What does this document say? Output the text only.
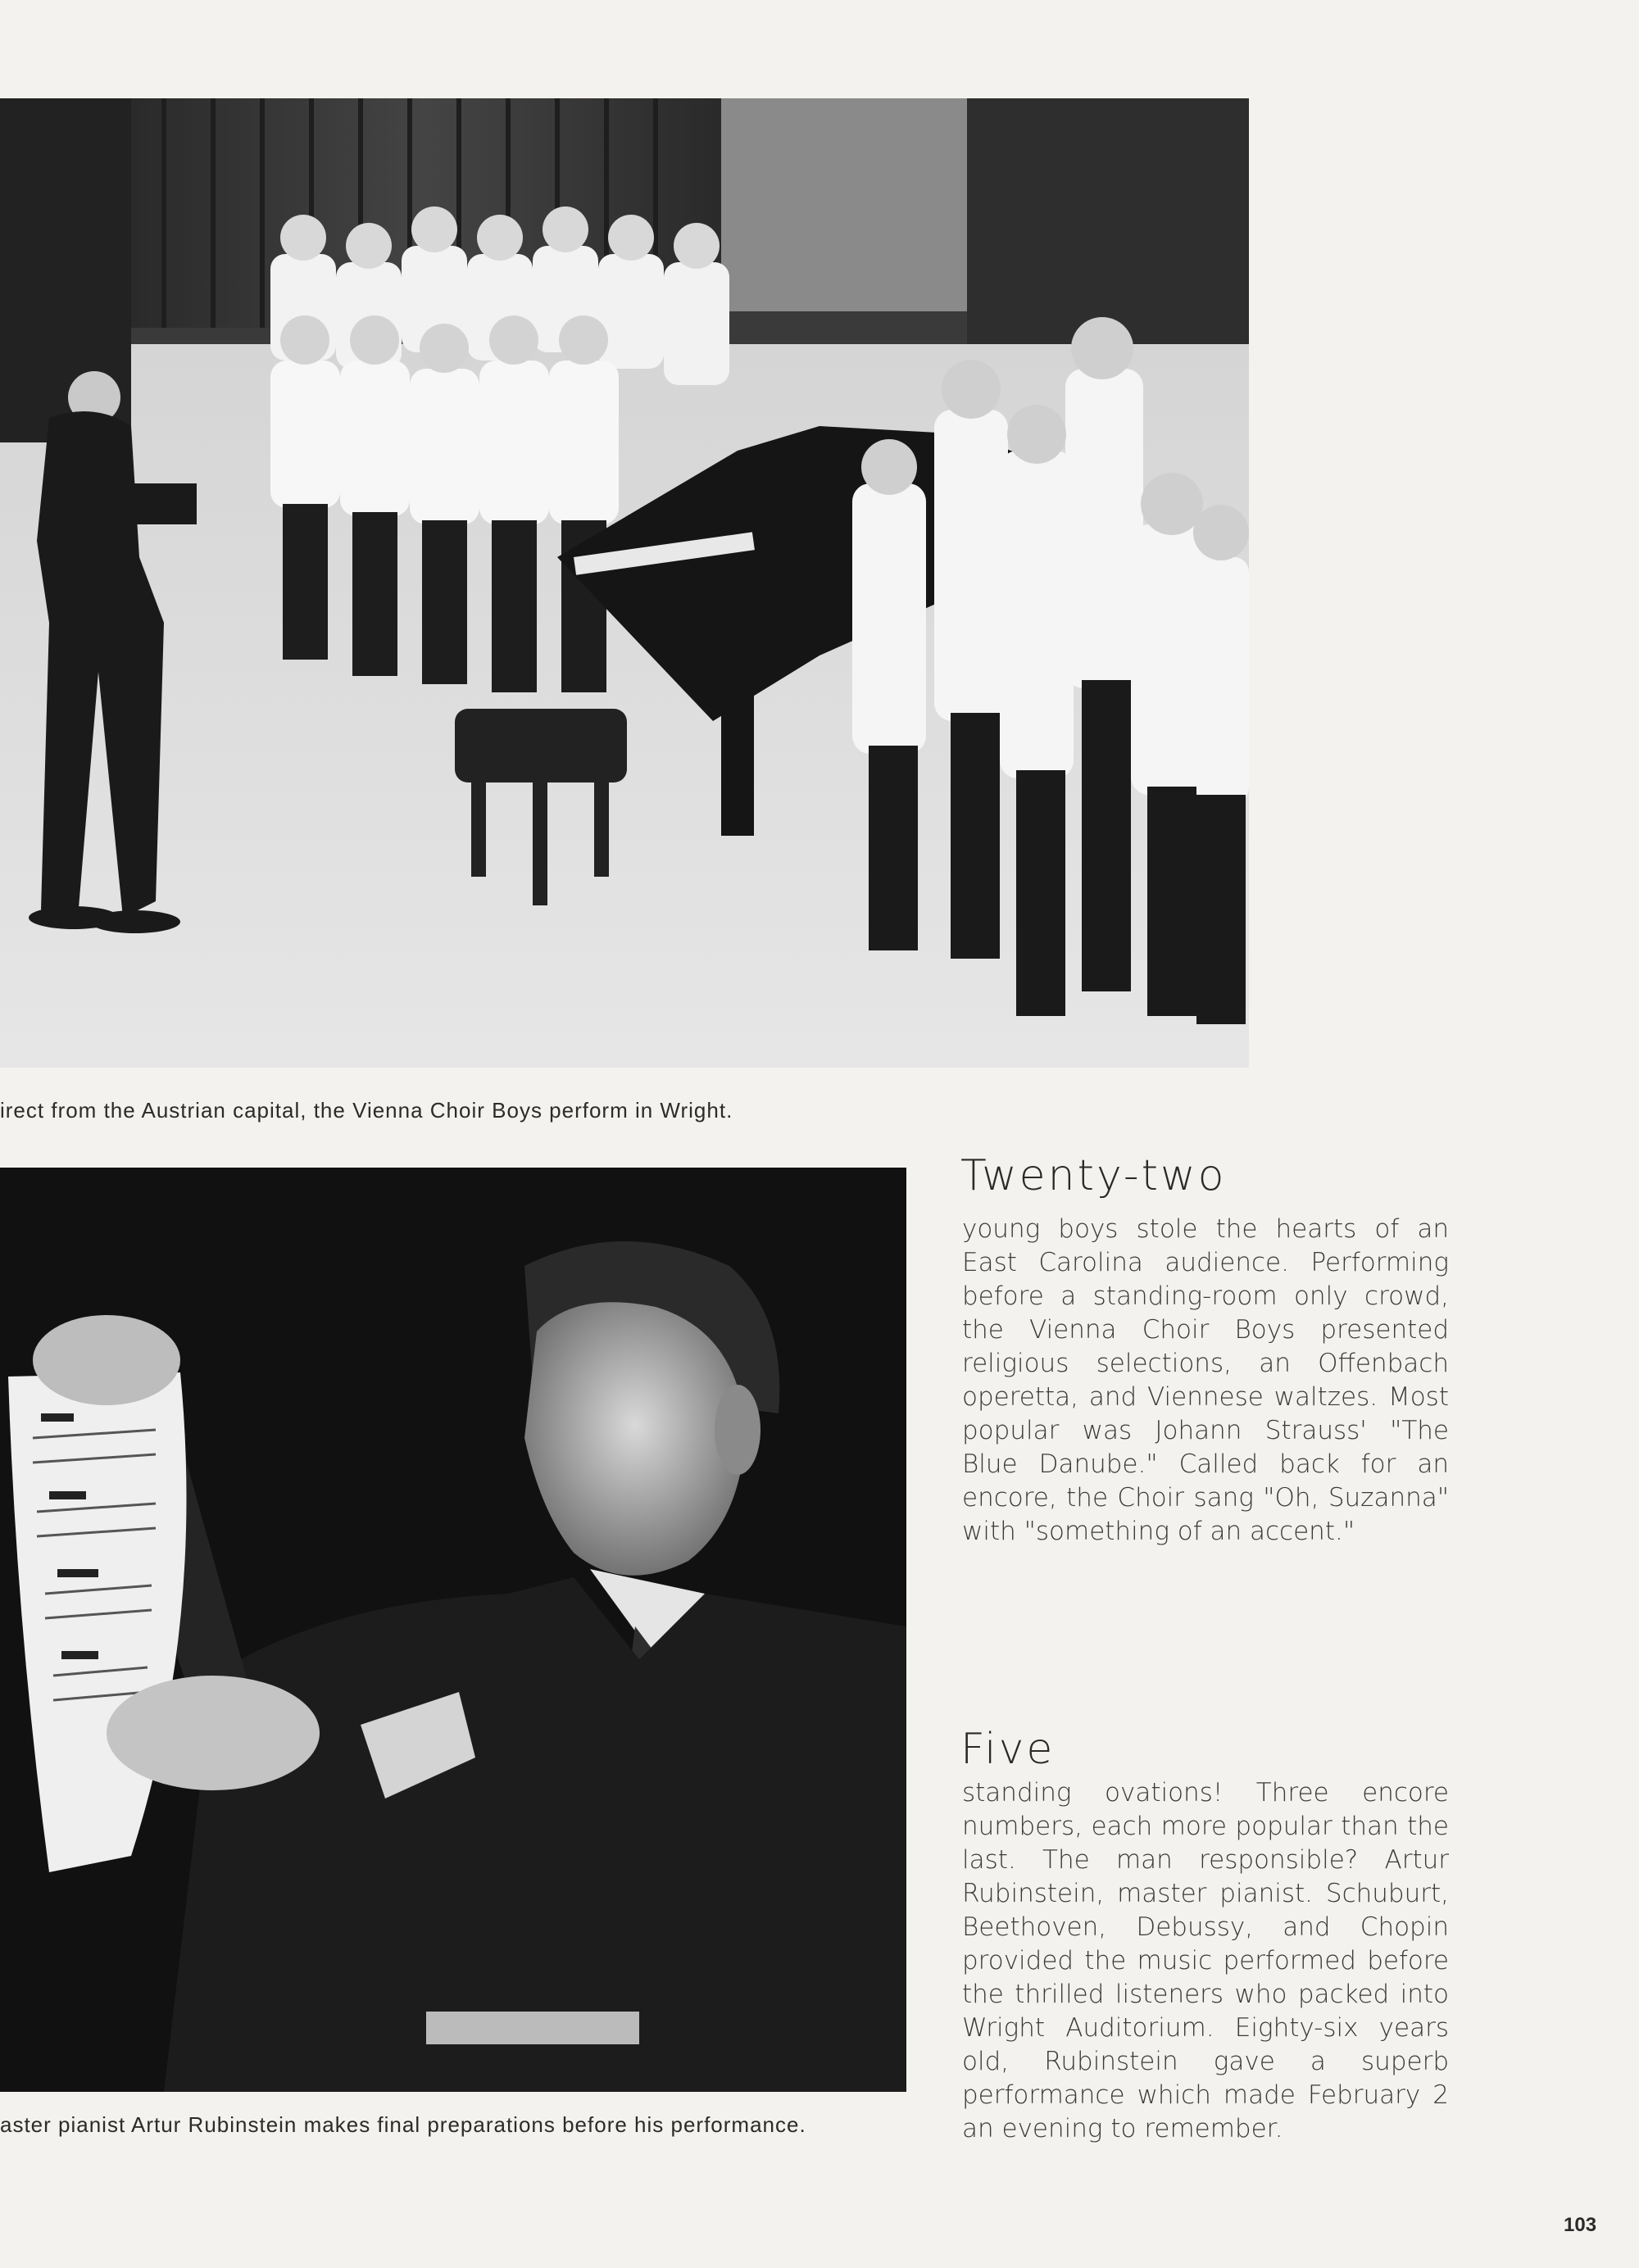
irect from the Austrian capital, the Vienna Choir Boys perform in Wright.
aster pianist Artur Rubinstein makes final preparations before his performance.
Twenty-two
young boys stole the hearts of an East Carolina audience. Performing before a standing-room only crowd, the Vienna Choir Boys presented religious selections, an Offenbach operetta, and Viennese waltzes. Most popular was Johann Strauss' "The Blue Danube." Called back for an encore, the Choir sang "Oh, Suzanna" with "something of an accent."
Five
standing ovations! Three encore numbers, each more popular than the last. The man responsible? Artur Rubinstein, master pianist. Schuburt, Beethoven, Debussy, and Chopin provided the music performed before the thrilled listeners who packed into Wright Auditorium. Eighty-six years old, Rubinstein gave a superb performance which made February 2 an evening to remember.
103
